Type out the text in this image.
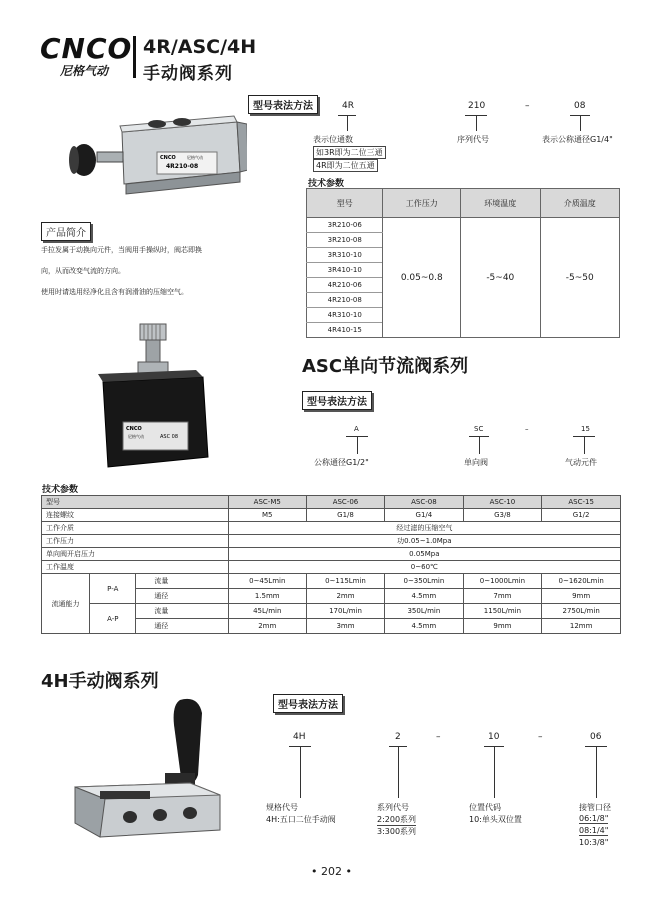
CNCO
尼格气动
4R/ASC/4H
手动阀系列
CNCO	尼格气动
4R210-08
型号表法方法	4R	210	–	08
表示位通数
如3R即为二位三通
4R即为二位五通
序列代号	表示公称通径G1/4"
技术参数
型号	工作压力	环境温度	介质温度
3R210-06	0.05~0.8	-5~40	-5~50
3R210-08			
3R310-10			
3R410-10			
4R210-06			
4R210-08			
4R310-10			
4R410-15			
产品简介
手拉发属于动换向元件，当阀用手操纵时，阀芯即换
向，从而改变气流的方向。
使用时请选用经净化且含有润滑油的压缩空气。
CNCO
尼格气动	ASC 08
ASC单向节流阀系列
型号表法方法
A	SC	–	15
公称通径G1/2"	单向阀	气动元件
技术参数
型号			ASC-M5	ASC-06	ASC-08	ASC-10	ASC-15
连接螺纹			M5	G1/8	G1/4	G3/8	G1/2
工作介质			经过滤的压缩空气				
工作压力			功0.05~1.0Mpa				
单向阀开启压力			0.05Mpa				
工作温度			0~60℃				
流通能力	P-A	流量	0~45Lmin	0~115Lmin	0~350Lmin	0~1000Lmin	0~1620Lmin
		通径	1.5mm	2mm	4.5mm	7mm	9mm
	A-P	流量	45L/min	170L/min	350L/min	1150L/min	2750L/min
		通径	2mm	3mm	4.5mm	9mm	12mm
4H手动阀系列
型号表法方法
4H	2	–	10	–	06
规格代号
4H:五口二位手动阀
系列代号
2:200系列
3:300系列
位置代码
10:单头双位置
接管口径
06:1/8"
08:1/4"
10:3/8"
• 202 •
